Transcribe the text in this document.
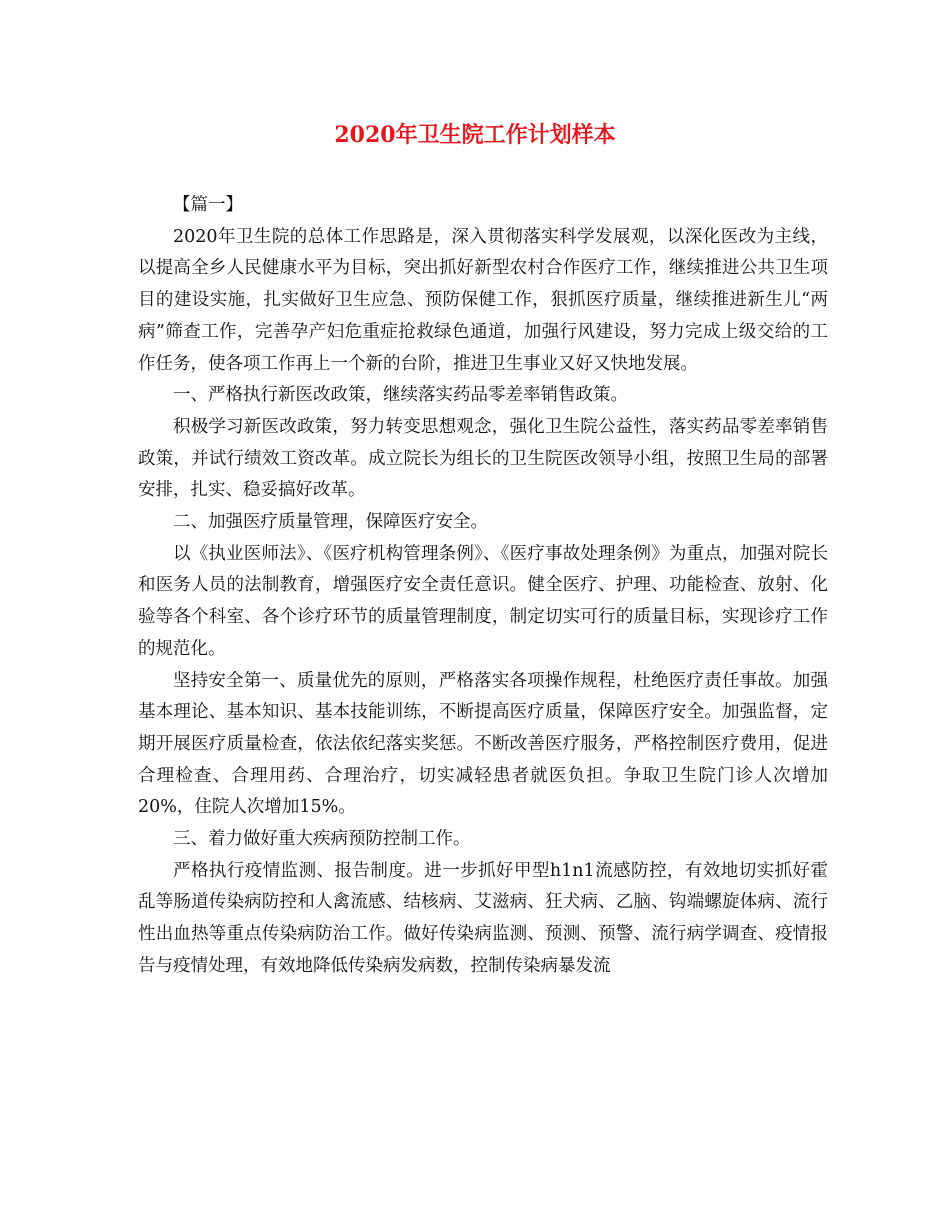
2020年卫生院工作计划样本

【篇一】

2020年卫生院的总体工作思路是，深入贯彻落实科学发展观，以深化医改为主线，以提高全乡人民健康水平为目标，突出抓好新型农村合作医疗工作，继续推进公共卫生项目的建设实施，扎实做好卫生应急、预防保健工作，狠抓医疗质量，继续推进新生儿“两病”筛查工作，完善孕产妇危重症抢救绿色通道，加强行风建设，努力完成上级交给的工作任务，使各项工作再上一个新的台阶，推进卫生事业又好又快地发展。

一、严格执行新医改政策，继续落实药品零差率销售政策。

积极学习新医改政策，努力转变思想观念，强化卫生院公益性，落实药品零差率销售政策，并试行绩效工资改革。成立院长为组长的卫生院医改领导小组，按照卫生局的部署安排，扎实、稳妥搞好改革。

二、加强医疗质量管理，保障医疗安全。

以《执业医师法》、《医疗机构管理条例》、《医疗事故处理条例》为重点，加强对院长和医务人员的法制教育，增强医疗安全责任意识。健全医疗、护理、功能检查、放射、化验等各个科室、各个诊疗环节的质量管理制度，制定切实可行的质量目标，实现诊疗工作的规范化。

坚持安全第一、质量优先的原则，严格落实各项操作规程，杜绝医疗责任事故。加强基本理论、基本知识、基本技能训练，不断提高医疗质量，保障医疗安全。加强监督，定期开展医疗质量检查，依法依纪落实奖惩。不断改善医疗服务，严格控制医疗费用，促进合理检查、合理用药、合理治疗，切实减轻患者就医负担。争取卫生院门诊人次增加20%，住院人次增加15%。

三、着力做好重大疾病预防控制工作。

严格执行疫情监测、报告制度。进一步抓好甲型h1n1流感防控，有效地切实抓好霍乱等肠道传染病防控和人禽流感、结核病、艾滋病、狂犬病、乙脑、钩端螺旋体病、流行性出血热等重点传染病防治工作。做好传染病监测、预测、预警、流行病学调查、疫情报告与疫情处理，有效地降低传染病发病数，控制传染病暴发流
